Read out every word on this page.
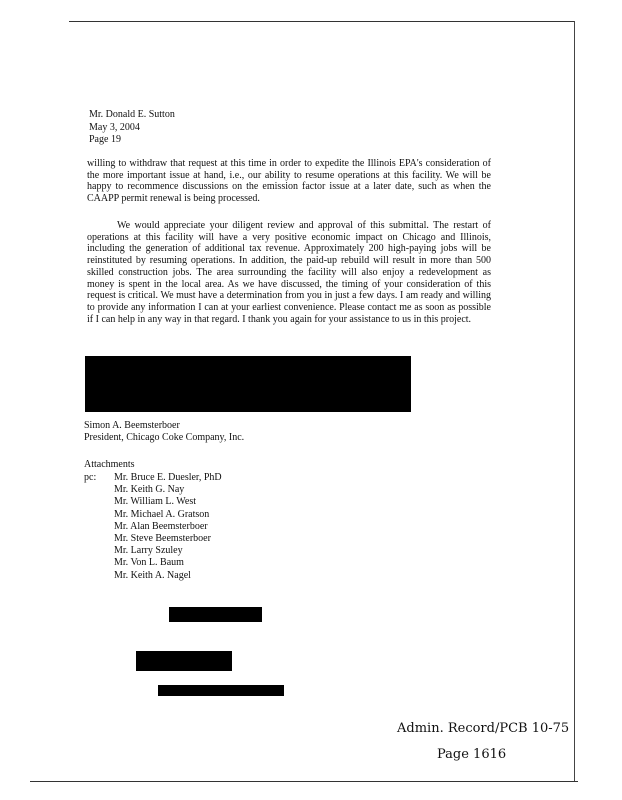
Mr. Donald E. Sutton
May 3, 2004
Page 19

willing to withdraw that request at this time in order to expedite the Illinois EPA's consideration of the more important issue at hand, i.e., our ability to resume operations at this facility. We will be happy to recommence discussions on the emission factor issue at a later date, such as when the CAAPP permit renewal is being processed.

We would appreciate your diligent review and approval of this submittal. The restart of operations at this facility will have a very positive economic impact on Chicago and Illinois, including the generation of additional tax revenue. Approximately 200 high-paying jobs will be reinstituted by resuming operations. In addition, the paid-up rebuild will result in more than 500 skilled construction jobs. The area surrounding the facility will also enjoy a redevelopment as money is spent in the local area. As we have discussed, the timing of your consideration of this request is critical. We must have a determination from you in just a few days. I am ready and willing to provide any information I can at your earliest convenience. Please contact me as soon as possible if I can help in any way in that regard. I thank you again for your assistance to us in this project.

Simon A. Beemsterboer
President, Chicago Coke Company, Inc.
Attachments
pc: Mr. Bruce E. Duesler, PhD
Mr. Keith G. Nay
Mr. William L. West
Mr. Michael A. Gratson
Mr. Alan Beemsterboer
Mr. Steve Beemsterboer
Mr. Larry Szuley
Mr. Von L. Baum
Mr. Keith A. Nagel
Admin. Record/PCB 10-75
Page 1616
